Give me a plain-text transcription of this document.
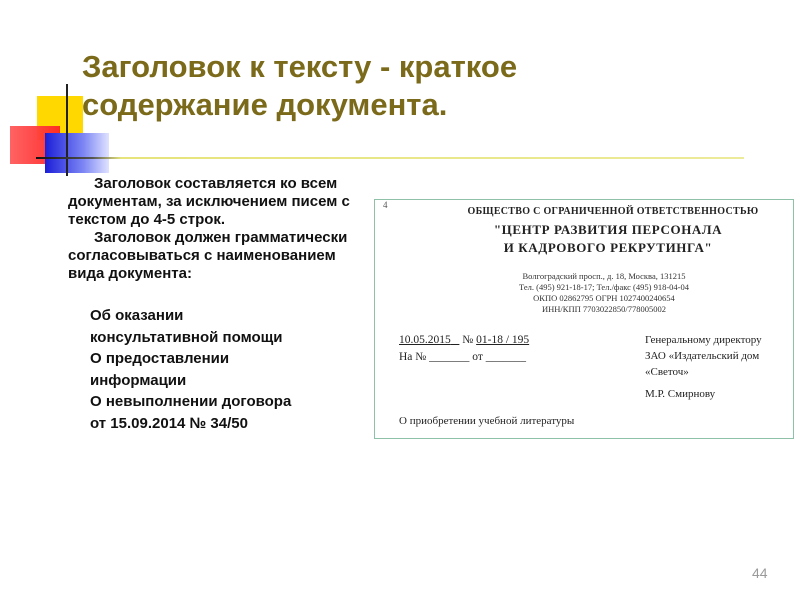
Заголовок к тексту - краткое
содержание документа.

Заголовок составляется ко всем документам, за исключением писем с текстом до 4-5 строк.

Заголовок должен грамматически согласовываться с наименованием вида документа:

Об оказании
консультативной помощи
О предоставлении
информации
О невыполнении договора
от 15.09.2014 № 34/50
4
ОБЩЕСТВО С ОГРАНИЧЕННОЙ ОТВЕТСТВЕННОСТЬЮ
"ЦЕНТР РАЗВИТИЯ ПЕРСОНАЛА
И КАДРОВОГО РЕКРУТИНГА"
Волгоградский просп., д. 18, Москва, 131215
Тел. (495) 921-18-17; Тел./факс (495) 918-04-04
ОКПО 02862795 ОГРН 1027400240654
ИНН/КПП 7703022850/778005002
10.05.2015 № 01-18 / 195
На № _______ от _______
Генеральному директору
ЗАО «Издательский дом
«Светоч»
М.Р. Смирнову
О приобретении учебной литературы
44
